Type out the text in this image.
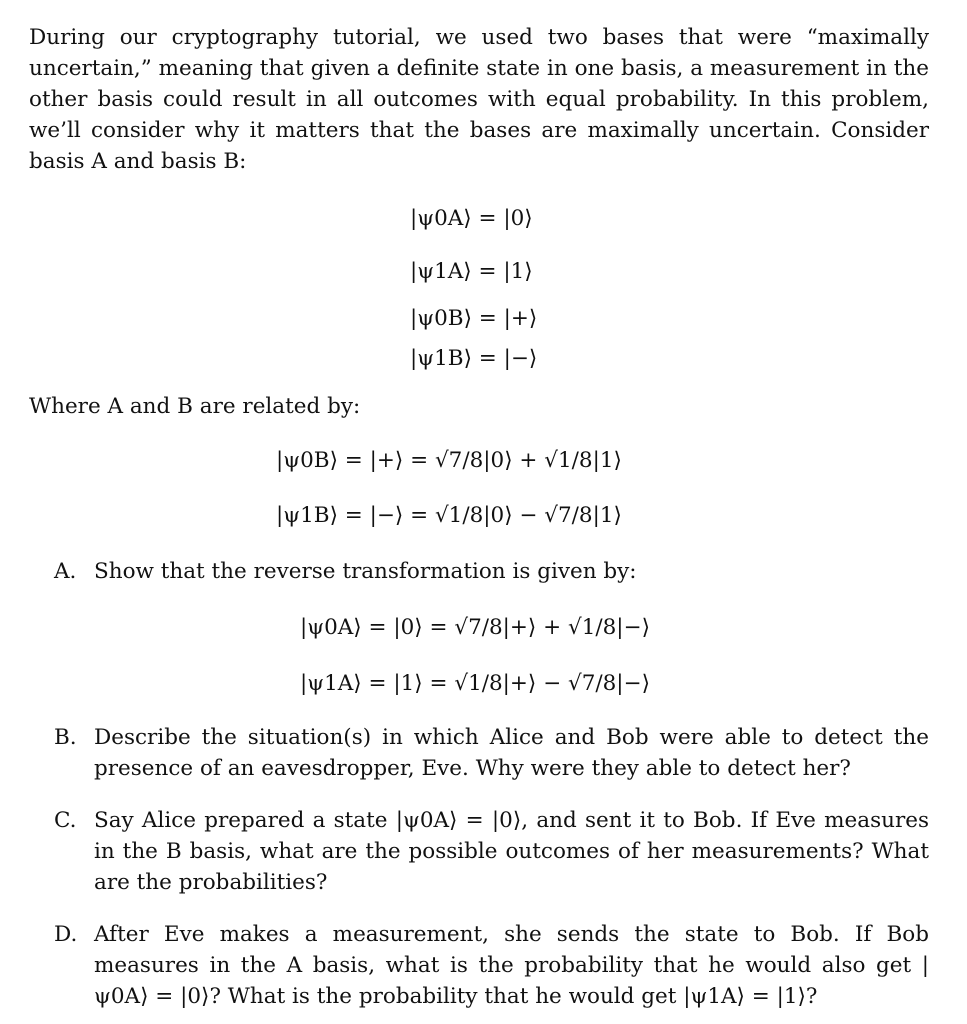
During our cryptography tutorial, we used two bases that were “maximally uncertain,” meaning that given a definite state in one basis, a measurement in the other basis could result in all outcomes with equal probability. In this problem, we’ll consider why it matters that the bases are maximally uncertain. Consider basis A and basis B:

|ψ0A⟩ = |0⟩
|ψ1A⟩ = |1⟩
|ψ0B⟩ = |+⟩
|ψ1B⟩ = |−⟩

Where A and B are related by:

|ψ0B⟩ = |+⟩ = √7/8|0⟩ + √1/8|1⟩
|ψ1B⟩ = |−⟩ = √1/8|0⟩ − √7/8|1⟩
A. Show that the reverse transformation is given by:
|ψ0A⟩ = |0⟩ = √7/8|+⟩ + √1/8|−⟩
|ψ1A⟩ = |1⟩ = √1/8|+⟩ − √7/8|−⟩
B. Describe the situation(s) in which Alice and Bob were able to detect the presence of an eavesdropper, Eve. Why were they able to detect her?
C. Say Alice prepared a state |ψ0A⟩ = |0⟩, and sent it to Bob. If Eve measures in the B basis, what are the possible outcomes of her measurements? What are the probabilities?
D. After Eve makes a measurement, she sends the state to Bob. If Bob measures in the A basis, what is the probability that he would also get |ψ0A⟩ = |0⟩? What is the probability that he would get |ψ1A⟩ = |1⟩?
